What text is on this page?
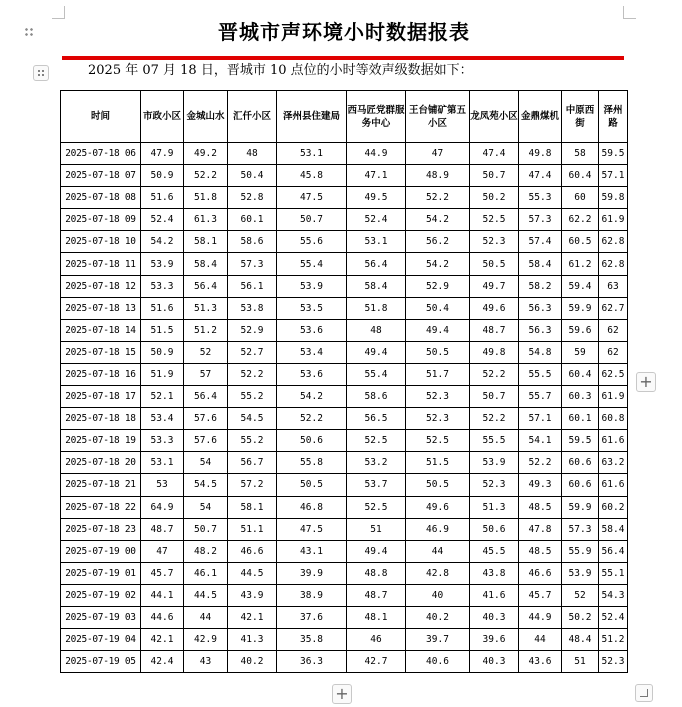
晋城市声环境小时数据报表
2025 年 07 月 18 日，晋城市 10 点位的小时等效声级数据如下：
时间	市政小区	金城山水	汇仟小区	泽州县住建局	西马匠党群服务中心	王台铺矿第五小区	龙凤苑小区	金鼎煤机	中原西街	泽州路
2025-07-18 06	47.9	49.2	48	53.1	44.9	47	47.4	49.8	58	59.5
2025-07-18 07	50.9	52.2	50.4	45.8	47.1	48.9	50.7	47.4	60.4	57.1
2025-07-18 08	51.6	51.8	52.8	47.5	49.5	52.2	50.2	55.3	60	59.8
2025-07-18 09	52.4	61.3	60.1	50.7	52.4	54.2	52.5	57.3	62.2	61.9
2025-07-18 10	54.2	58.1	58.6	55.6	53.1	56.2	52.3	57.4	60.5	62.8
2025-07-18 11	53.9	58.4	57.3	55.4	56.4	54.2	50.5	58.4	61.2	62.8
2025-07-18 12	53.3	56.4	56.1	53.9	58.4	52.9	49.7	58.2	59.4	63
2025-07-18 13	51.6	51.3	53.8	53.5	51.8	50.4	49.6	56.3	59.9	62.7
2025-07-18 14	51.5	51.2	52.9	53.6	48	49.4	48.7	56.3	59.6	62
2025-07-18 15	50.9	52	52.7	53.4	49.4	50.5	49.8	54.8	59	62
2025-07-18 16	51.9	57	52.2	53.6	55.4	51.7	52.2	55.5	60.4	62.5
2025-07-18 17	52.1	56.4	55.2	54.2	58.6	52.3	50.7	55.7	60.3	61.9
2025-07-18 18	53.4	57.6	54.5	52.2	56.5	52.3	52.2	57.1	60.1	60.8
2025-07-18 19	53.3	57.6	55.2	50.6	52.5	52.5	55.5	54.1	59.5	61.6
2025-07-18 20	53.1	54	56.7	55.8	53.2	51.5	53.9	52.2	60.6	63.2
2025-07-18 21	53	54.5	57.2	50.5	53.7	50.5	52.3	49.3	60.6	61.6
2025-07-18 22	64.9	54	58.1	46.8	52.5	49.6	51.3	48.5	59.9	60.2
2025-07-18 23	48.7	50.7	51.1	47.5	51	46.9	50.6	47.8	57.3	58.4
2025-07-19 00	47	48.2	46.6	43.1	49.4	44	45.5	48.5	55.9	56.4
2025-07-19 01	45.7	46.1	44.5	39.9	48.8	42.8	43.8	46.6	53.9	55.1
2025-07-19 02	44.1	44.5	43.9	38.9	48.7	40	41.6	45.7	52	54.3
2025-07-19 03	44.6	44	42.1	37.6	48.1	40.2	40.3	44.9	50.2	52.4
2025-07-19 04	42.1	42.9	41.3	35.8	46	39.7	39.6	44	48.4	51.2
2025-07-19 05	42.4	43	40.2	36.3	42.7	40.6	40.3	43.6	51	52.3
+
+
